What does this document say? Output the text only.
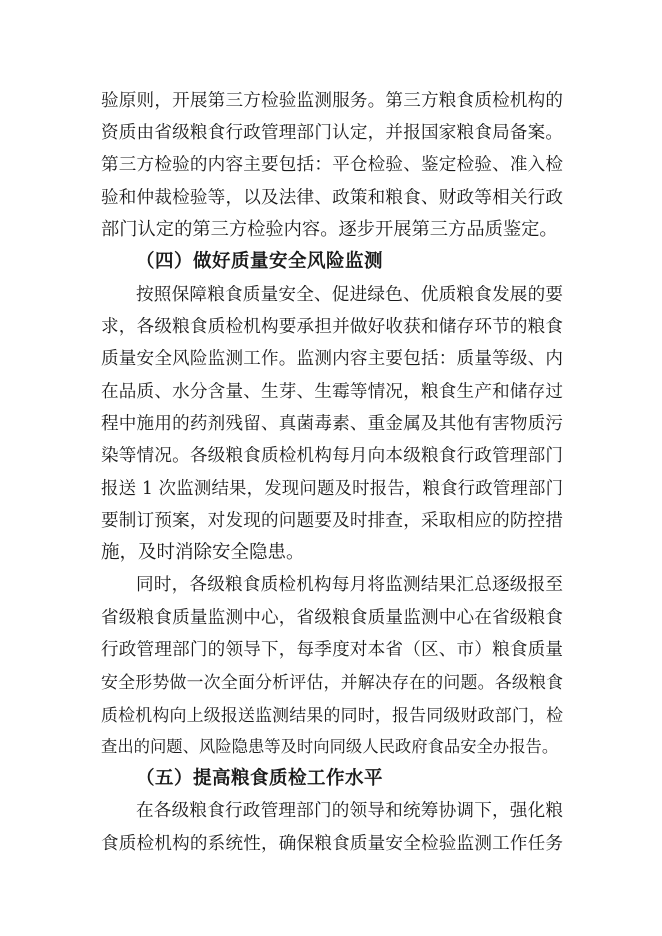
验原则，开展第三方检验监测服务。第三方粮食质检机构的
资质由省级粮食行政管理部门认定，并报国家粮食局备案。
第三方检验的内容主要包括：平仓检验、鉴定检验、准入检
验和仲裁检验等，以及法律、政策和粮食、财政等相关行政
部门认定的第三方检验内容。逐步开展第三方品质鉴定。
（四）做好质量安全风险监测
按照保障粮食质量安全、促进绿色、优质粮食发展的要
求，各级粮食质检机构要承担并做好收获和储存环节的粮食
质量安全风险监测工作。监测内容主要包括：质量等级、内
在品质、水分含量、生芽、生霉等情况，粮食生产和储存过
程中施用的药剂残留、真菌毒素、重金属及其他有害物质污
染等情况。各级粮食质检机构每月向本级粮食行政管理部门
报送 1 次监测结果，发现问题及时报告，粮食行政管理部门
要制订预案，对发现的问题要及时排查，采取相应的防控措
施，及时消除安全隐患。
同时，各级粮食质检机构每月将监测结果汇总逐级报至
省级粮食质量监测中心，省级粮食质量监测中心在省级粮食
行政管理部门的领导下，每季度对本省（区、市）粮食质量
安全形势做一次全面分析评估，并解决存在的问题。各级粮食
质检机构向上级报送监测结果的同时，报告同级财政部门，检
查出的问题、风险隐患等及时向同级人民政府食品安全办报告。
（五）提高粮食质检工作水平
在各级粮食行政管理部门的领导和统筹协调下，强化粮
食质检机构的系统性，确保粮食质量安全检验监测工作任务
